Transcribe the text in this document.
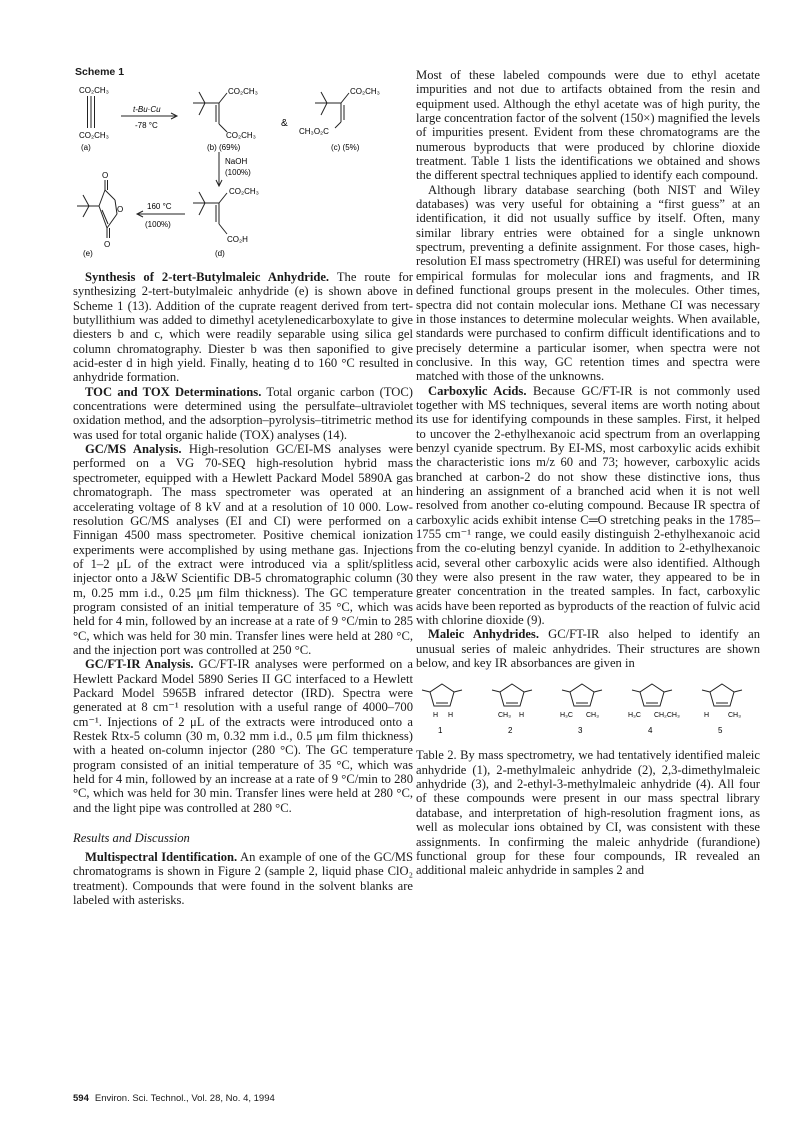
Scheme 1
CO₂CH₃
CO₂CH₃
(a)
t-Bu·Cu
-78 °C
CO₂CH₃
CO₂CH₃
(b) (69%)
&
CO₂CH₃
CH₃O₂C
(c) (5%)
NaOH
(100%)
CO₂CH₃
CO₂H
(d)
160 °C
(100%)
O
O
O
(e)

Synthesis of 2-tert-Butylmaleic Anhydride. The route for synthesizing 2-tert-butylmaleic anhydride (e) is shown above in Scheme 1 (13). Addition of the cuprate reagent derived from tert-butyllithium was added to dimethyl acetylenedicarboxylate to give diesters b and c, which were readily separable using silica gel column chromatography. Diester b was then saponified to give acid-ester d in high yield. Finally, heating d to 160 °C resulted in anhydride formation.

TOC and TOX Determinations. Total organic carbon (TOC) concentrations were determined using the persulfate–ultraviolet oxidation method, and the adsorption–pyrolysis–titrimetric method was used for total organic halide (TOX) analyses (14).

GC/MS Analysis. High-resolution GC/EI-MS analyses were performed on a VG 70-SEQ high-resolution hybrid mass spectrometer, equipped with a Hewlett Packard Model 5890A gas chromatograph. The mass spectrometer was operated at an accelerating voltage of 8 kV and at a resolution of 10 000. Low-resolution GC/MS analyses (EI and CI) were performed on a Finnigan 4500 mass spectrometer. Positive chemical ionization experiments were accomplished by using methane gas. Injections of 1–2 μL of the extract were introduced via a split/splitless injector onto a J&W Scientific DB-5 chromatographic column (30 m, 0.25 mm i.d., 0.25 μm film thickness). The GC temperature program consisted of an initial temperature of 35 °C, which was held for 4 min, followed by an increase at a rate of 9 °C/min to 285 °C, which was held for 30 min. Transfer lines were held at 280 °C, and the injection port was controlled at 250 °C.

GC/FT-IR Analysis. GC/FT-IR analyses were performed on a Hewlett Packard Model 5890 Series II GC interfaced to a Hewlett Packard Model 5965B infrared detector (IRD). Spectra were generated at 8 cm⁻¹ resolution with a useful range of 4000–700 cm⁻¹. Injections of 2 μL of the extracts were introduced onto a Restek Rtx-5 column (30 m, 0.32 mm i.d., 0.5 μm film thickness) with a heated on-column injector (280 °C). The GC temperature program consisted of an initial temperature of 35 °C, which was held for 4 min, followed by an increase at a rate of 9 °C/min to 280 °C, which was held for 30 min. Transfer lines were held at 280 °C, and the light pipe was controlled at 280 °C.

Results and Discussion

Multispectral Identification. An example of one of the GC/MS chromatograms is shown in Figure 2 (sample 2, liquid phase ClO₂ treatment). Compounds that were found in the solvent blanks are labeled with asterisks.

Most of these labeled compounds were due to ethyl acetate impurities and not due to artifacts obtained from the resin and equipment used. Although the ethyl acetate was of high purity, the large concentration factor of the solvent (150×) magnified the levels of impurities present. Evident from these chromatograms are the numerous byproducts that were produced by chlorine dioxide treatment. Table 1 lists the identifications we obtained and shows the different spectral techniques applied to identify each compound.

Although library database searching (both NIST and Wiley databases) was very useful for obtaining a “first guess” at an identification, it did not usually suffice by itself. Often, many similar library entries were obtained for a single unknown spectrum, preventing a definite assignment. For those cases, high-resolution EI mass spectrometry (HREI) was useful for determining empirical formulas for molecular ions and fragments, and IR defined functional groups present in the molecules. Other times, spectra did not contain molecular ions. Methane CI was necessary in those instances to determine molecular weights. When available, standards were purchased to confirm difficult identifications and to precisely determine a particular isomer, when spectra were not conclusive. In this way, GC retention times and spectra were matched with those of the unknowns.

Carboxylic Acids. Because GC/FT-IR is not commonly used together with MS techniques, several items are worth noting about its use for identifying compounds in these samples. First, it helped to uncover the 2-ethylhexanoic acid spectrum from an overlapping benzyl cyanide spectrum. By EI-MS, most carboxylic acids exhibit the characteristic ions m/z 60 and 73; however, carboxylic acids branched at carbon-2 do not show these distinctive ions, thus hindering an assignment of a branched acid when it is not well resolved from another co-eluting compound. Because IR spectra of carboxylic acids exhibit intense C═O stretching peaks in the 1785–1755 cm⁻¹ range, we could easily distinguish 2-ethylhexanoic acid from the co-eluting benzyl cyanide. In addition to 2-ethylhexanoic acid, several other carboxylic acids were also identified. Although they were also present in the raw water, they appeared to be in greater concentration in the treated samples. In fact, carboxylic acids have been reported as byproducts of the reaction of fulvic acid with chlorine dioxide (9).

Maleic Anhydrides. GC/FT-IR also helped to identify an unusual series of maleic anhydrides. Their structures are shown below, and key IR absorbances are given in

H H	CH₃ H	H₃C CH₃	H₃C CH₂CH₃	H	CH₃
1	2	3	4	5

Table 2. By mass spectrometry, we had tentatively identified maleic anhydride (1), 2-methylmaleic anhydride (2), 2,3-dimethylmaleic anhydride (3), and 2-ethyl-3-methylmaleic anhydride (4). All four of these compounds were present in our mass spectral library database, and interpretation of high-resolution fragment ions, as well as molecular ions obtained by CI, was consistent with these assignments. In confirming the maleic anhydride (furandione) functional group for these four compounds, IR revealed an additional maleic anhydride in samples 2 and

594 Environ. Sci. Technol., Vol. 28, No. 4, 1994
